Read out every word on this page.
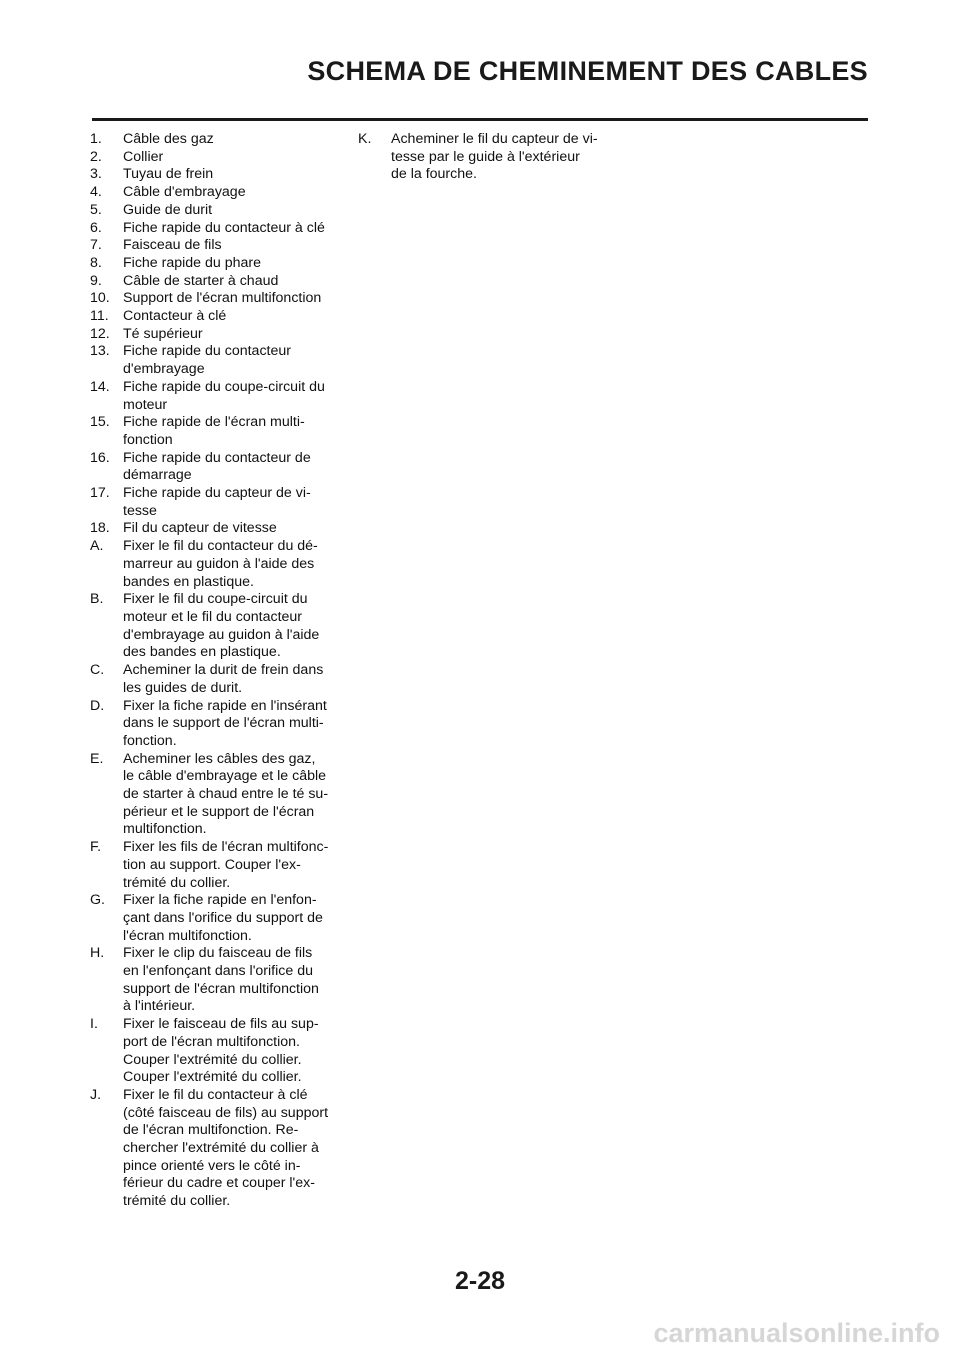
SCHEMA DE CHEMINEMENT DES CABLES
1.	Câble des gaz
2.	Collier
3.	Tuyau de frein
4.	Câble d'embrayage
5.	Guide de durit
6.	Fiche rapide du contacteur à clé
7.	Faisceau de fils
8.	Fiche rapide du phare
9.	Câble de starter à chaud
10. Support de l'écran multifonction
11.	Contacteur à clé
12. Té supérieur
13. Fiche rapide du contacteur
d'embrayage
14. Fiche rapide du coupe-circuit du
moteur
15. Fiche rapide de l'écran multi-
fonction
16. Fiche rapide du contacteur de
démarrage
17. Fiche rapide du capteur de vi-
tesse
18. Fil du capteur de vitesse
A.	Fixer le fil du contacteur du dé-
marreur au guidon à l'aide des
bandes en plastique.
B.	Fixer le fil du coupe-circuit du
moteur et le fil du contacteur
d'embrayage au guidon à l'aide
des bandes en plastique.
C.	Acheminer la durit de frein dans
les guides de durit.
D.	Fixer la fiche rapide en l'insérant
dans le support de l'écran multi-
fonction.
E.	Acheminer les câbles des gaz,
le câble d'embrayage et le câble
de starter à chaud entre le té su-
périeur et le support de l'écran
multifonction.
F.	Fixer les fils de l'écran multifonc-
tion au support. Couper l'ex-
trémité du collier.
G.	Fixer la fiche rapide en l'enfon-
çant dans l'orifice du support de
l'écran multifonction.
H.	Fixer le clip du faisceau de fils
en l'enfonçant dans l'orifice du
support de l'écran multifonction
à l'intérieur.
I.	Fixer le faisceau de fils au sup-
port de l'écran multifonction.
Couper l'extrémité du collier.
Couper l'extrémité du collier.
J.	Fixer le fil du contacteur à clé
(côté faisceau de fils) au support
de l'écran multifonction. Re-
chercher l'extrémité du collier à
pince orienté vers le côté in-
férieur du cadre et couper l'ex-
trémité du collier.
K.	Acheminer le fil du capteur de vi-
tesse par le guide à l'extérieur
de la fourche.
2-28
carmanualsonline.info
